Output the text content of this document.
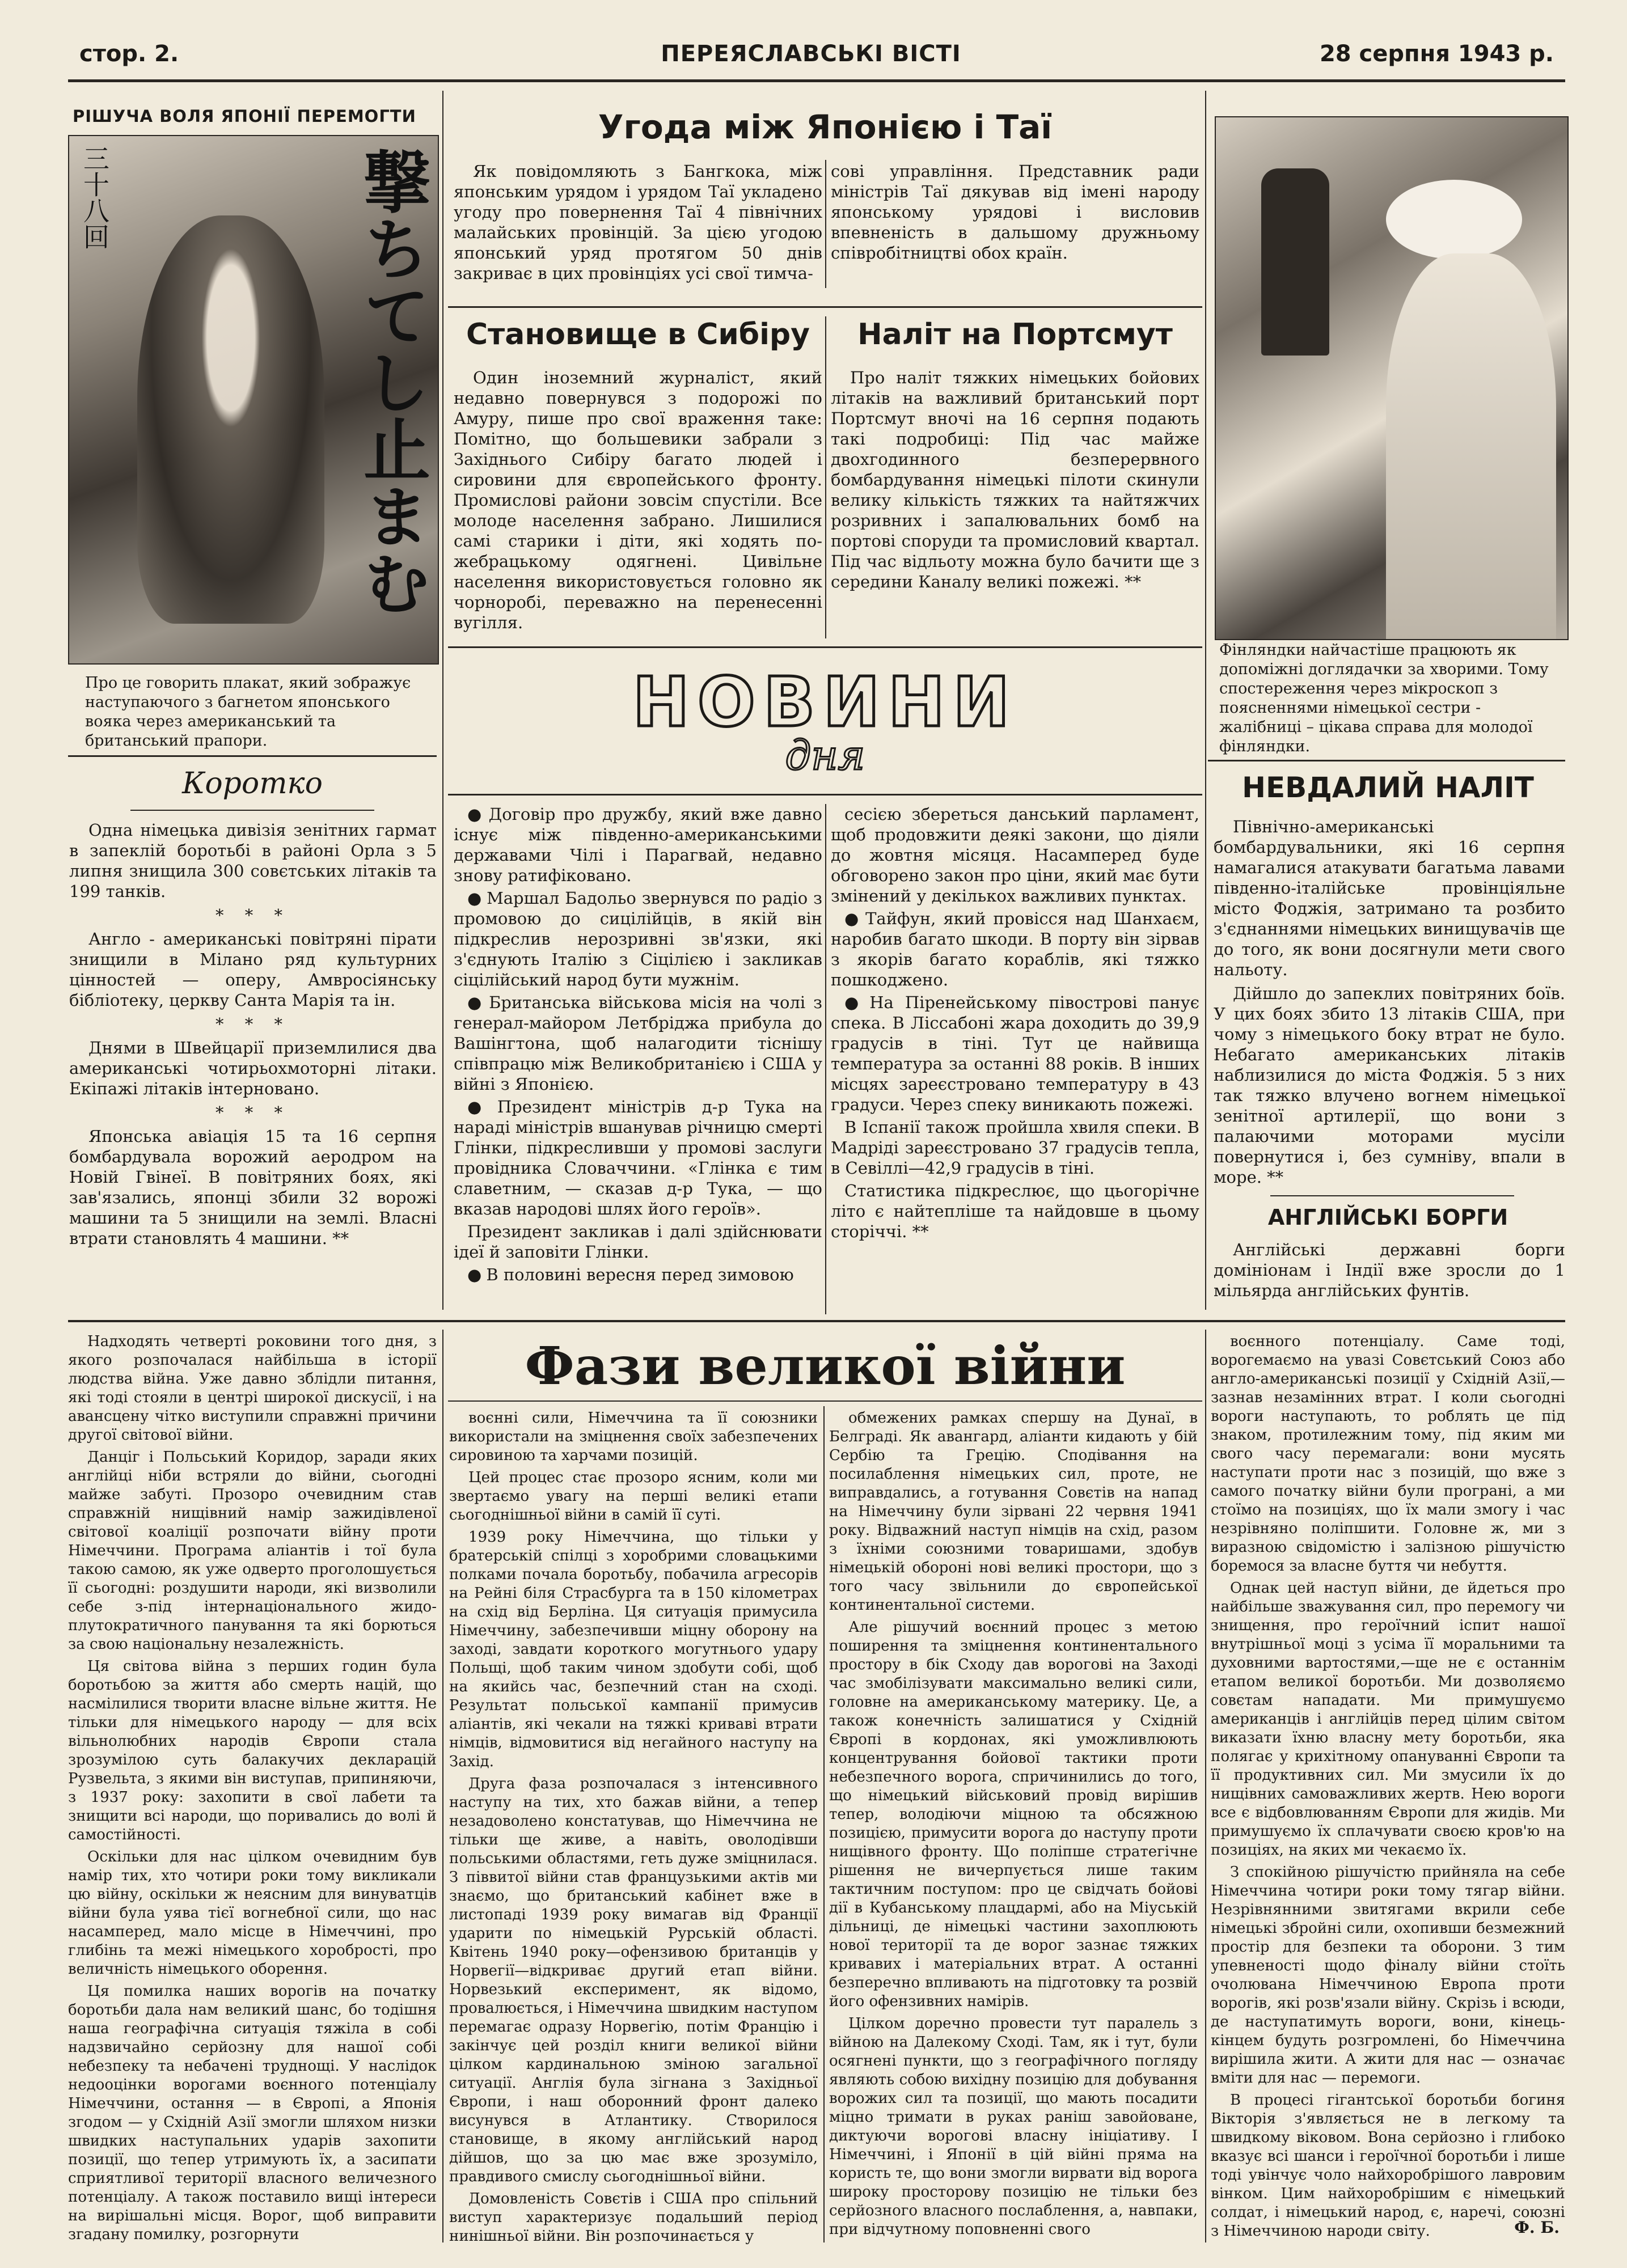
стор. 2.	ПЕРЕЯСЛАВСЬКІ ВІСТІ	28 серпня 1943 р.
РІШУЧА ВОЛЯ ЯПОНІЇ ПЕРЕМОГТИ
撃ちてし止まむ
三十八回
Про це говорить плакат, який зображує наступаючого з багнетом японського вояка через американський та британський прапори.
Угода між Японією і Таї
Як повідомляють з Бангкока, між японським урядом і урядом Таї укладено угоду про повернення Таї 4 північних малайських провінцій. За цією угодою японський уряд протягом 50 днів закриває в цих провінціях усі свої тимча-
сові управління. Представник ради міністрів Таї дякував від імені народу японському урядові і висловив впевненість в дальшому дружньому співробітництві обох країн.
Становище в Сибіру
Один іноземний журналіст, який недавно повернувся з подорожі по Амуру, пише про свої враження таке: Помітно, що большевики забрали з Західнього Сибіру багато людей і сировини для європейського фронту. Промислові райони зовсім спустіли. Все молоде населення забрано. Лишилися самі старики і діти, які ходять по-жебрацькому одягнені. Цивільне населення використовується головно як чорноробі, переважно на перенесенні вугілля.
Наліт на Портсмут
Про наліт тяжких німецьких бойових літаків на важливий британський порт Портсмут вночі на 16 серпня подають такі подробиці: Під час майже двохгодинного безперервного бомбардування німецькі пілоти скинули велику кількість тяжких та найтяжчих розривних і запалювальних бомб на портові споруди та промисловий квартал. Під час відльоту можна було бачити ще з середини Каналу великі пожежі. **
НОВИНИ
дня
Фінляндки найчастіше працюють як допоміжні доглядачки за хворими. Тому спостереження через мікроскоп з поясненнями німецької сестри - жалібниці – цікава справа для молодої фінляндки.
Коротко

Одна німецька дивізія зенітних гармат в запеклій боротьбі в районі Орла з 5 липня знищила 300 совєтських літаків та 199 танків.

* * *

Англо - американські повітряні пірати знищили в Мілано ряд культурних цінностей — оперу, Амвросіянську бібліотеку, церкву Санта Марія та ін.

* * *

Днями в Швейцарії приземлилися два американські чотирьохмоторні літаки. Екіпажі літаків інтерновано.

* * *

Японська авіація 15 та 16 серпня бомбардувала ворожий аеродром на Новій Гвінеї. В повітряних боях, які зав'язались, японці збили 32 ворожі машини та 5 знищили на землі. Власні втрати становлять 4 машини. **

● Договір про дружбу, який вже давно існує між південно-американськими державами Чілі і Парагвай, недавно знову ратифіковано.
● Маршал Бадольо звернувся по радіо з промовою до сицілійців, в якій він підкреслив нерозривні зв'язки, які з'єднують Італію з Сіцілією і закликав сіцілійський народ бути мужнім.
● Британська військова місія на чолі з генерал-майором Летбріджа прибула до Вашінгтона, щоб налагодити тіснішу співпрацю між Великобританією і США у війні з Японією.
● Президент міністрів д-р Тука на нараді міністрів вшанував річницю смерті Глінки, підкресливши у промові заслуги провідника Словаччини. «Глінка є тим славетним, — сказав д-р Тука, — що вказав народові шлях його героїв».
Президент закликав і далі здійснювати ідеї й заповіти Глінки.
● В половині вересня перед зимовою
сесією збереться данський парламент, щоб продовжити деякі закони, що діяли до жовтня місяця. Насамперед буде обговорено закон про ціни, який має бути змінений у декількох важливих пунктах.
● Тайфун, який провісся над Шанхаєм, наробив багато шкоди. В порту він зірвав з якорів багато кораблів, які тяжко пошкоджено.
● На Піренейському півострові панує спека. В Ліссабоні жара доходить до 39,9 градусів в тіні. Тут це найвища температура за останні 88 років. В інших місцях зареєстровано температуру в 43 градуси. Через спеку виникають пожежі.
В Іспанії також пройшла хвиля спеки. В Мадріді зареєстровано 37 градусів тепла, в Севіллі—42,9 градусів в тіні.
Статистика підкреслює, що цьогорічне літо є найтепліше та найдовше в цьому сторіччі. **
НЕВДАЛИЙ НАЛІТ

Північно-американські бомбардувальники, які 16 серпня намагалися атакувати багатьма лавами південно-італійське провінціяльне місто Фоджія, затримано та розбито з'єднаннями німецьких винищувачів ще до того, як вони досягнули мети свого нальоту.

Дійшло до запеклих повітряних боїв. У цих боях збито 13 літаків США, при чому з німецького боку втрат не було. Небагато американських літаків наблизилися до міста Фоджія. 5 з них так тяжко влучено вогнем німецької зенітної артилерії, що вони з палаючими моторами мусіли повернутися і, без сумніву, впали в море. **

АНГЛІЙСЬКІ БОРГИ
Англійські державні борги домініонам і Індії вже зросли до 1 мільярда англійських фунтів.
Фази великої війни

Надходять четверті роковини того дня, з якого розпочалася найбільша в історії людства війна. Уже давно зблідли питання, які тоді стояли в центрі широкої дискусії, і на авансцену чітко виступили справжні причини другої світової війни.

Данціг і Польський Коридор, заради яких англійці ніби встряли до війни, сьогодні майже забуті. Прозоро очевидним став справжній нищівний намір зажидівленої світової коаліції розпочати війну проти Німеччини. Програма аліантів і тої була такою самою, як уже одверто проголошується її сьогодні: роздушити народи, які визволили себе з-під інтернаціонального жидо-плутократичного панування та які борються за свою національну незалежність.

Ця світова війна з перших годин була боротьбою за життя або смерть націй, що насмілилися творити власне вільне життя. Не тільки для німецького народу — для всіх вільнолюбних народів Європи стала зрозумілою суть балакучих декларацій Рузвельта, з якими він виступав, припиняючи, з 1937 року: захопити в свої лабети та знищити всі народи, що поривались до волі й самостійності.

Оскільки для нас цілком очевидним був намір тих, хто чотири роки тому викликали цю війну, оскільки ж неясним для винуватців війни була уява тієї вогнебної сили, що нас насамперед, мало місце в Німеччині, про глибінь та межі німецького хоробрості, про величність німецького оборення.

Ця помилка наших ворогів на початку боротьби дала нам великий шанс, бо тодішня наша географічна ситуація тяжіла в собі надзвичайно серйозну для нашої собі небезпеку та небачені труднощі. У наслідок недооцінки ворогами воєнного потенціалу Німеччини, остання — в Європі, а Японія згодом — у Східній Азії змогли шляхом низки швидких наступальних ударів захопити позиції, що тепер утримують їх, а засипати сприятливої території власного величезного потенціалу. А також поставило вищі інтереси на вирішальні місця. Ворог, щоб виправити згадану помилку, розгорнути

воєнні сили, Німеччина та її союзники використали на зміцнення своїх забезпечених сировиною та харчами позицій.

Цей процес стає прозоро ясним, коли ми звертаємо увагу на перші великі етапи сьогоднішньої війни в самій її суті.

1939 року Німеччина, що тільки у братерській спілці з хоробрими словацькими полками почала боротьбу, побачила агресорів на Рейні біля Страсбурга та в 150 кілометрах на схід від Берліна. Ця ситуація примусила Німеччину, забезпечивши міцну оборону на заході, завдати короткого могутнього удару Польщі, щоб таким чином здобути собі, щоб на якийсь час, безпечний стан на сході. Результат польської кампанії примусив аліантів, які чекали на тяжкі криваві втрати німців, відмовитися від негайного наступу на Захід.

Друга фаза розпочалася з інтенсивного наступу на тих, хто бажав війни, а тепер незадоволено констатував, що Німеччина не тільки ще живе, а навіть, оволодівши польськими областями, геть дуже зміцнилася. З піввитої війни став французькими актів ми знаємо, що британський кабінет вже в листопаді 1939 року вимагав від Франції ударити по німецькій Рурській області. Квітень 1940 року—офензивою британців у Норвегії—відкриває другий етап війни. Норвезький експеримент, як відомо, провалюється, і Німеччина швидким наступом перемагає одразу Норвегію, потім Францію і закінчує цей розділ книги великої війни цілком кардинальною зміною загальної ситуації. Англія була зігнана з Західньої Європи, і наш оборонний фронт далеко висунувся в Атлантику. Створилося становище, в якому англійський народ дійшов, що за цю має вже зрозуміло, правдивого смислу сьогоднішньої війни.

Домовленість Совєтів і США про спільний виступ характеризує подальший період нинішньої війни. Він розпочинається у

обмежених рамках спершу на Дунаї, в Белграді. Як авангард, аліанти кидають у бій Сербію та Грецію. Сподівання на посилаблення німецьких сил, проте, не виправдались, а готування Совєтів на напад на Німеччину були зірвані 22 червня 1941 року. Відважний наступ німців на схід, разом з їхніми союзними товаришами, здобув німецькій обороні нові великі простори, що з того часу звільнили до європейської континентальної системи.

Але рішучий воєнний процес з метою поширення та зміцнення континентального простору в бік Сходу дав ворогові на Заході час змобілізувати максимально великі сили, головне на американському материку. Це, а також конечність залишатися у Східній Європі в кордонах, які уможливлюють концентрування бойової тактики проти небезпечного ворога, спричинились до того, що німецький військовий провід вирішив тепер, володіючи міцною та обсяжною позицією, примусити ворога до наступу проти нищівного фронту. Що поліпше стратегічне рішення не вичерпується лише таким тактичним поступом: про це свідчать бойові дії в Кубанському плацдармі, або на Міуській дільниці, де німецькі частини захоплюють нової території та де ворог зазнає тяжких кривавих і матеріальних втрат. А останні безперечно впливають на підготовку та розвій його офензивних намірів.

Цілком доречно провести тут паралель з війною на Далекому Сході. Там, як і тут, були осягнені пункти, що з географічного погляду являють собою вихідну позицію для добування ворожих сил та позиції, що мають посадити міцно тримати в руках раніш завойоване, диктуючи ворогові власну ініціативу. І Німеччині, і Японії в цій війні пряма на користь те, що вони змогли вирвати від ворога широку просторову позицію не тільки без серйозного власного послаблення, а, навпаки, при відчутному поповненні свого

воєнного потенціалу. Саме тоді, ворогемаємо на увазі Совєтський Союз або англо-американські позиції у Східній Азії,—зазнав незамінних втрат. І коли сьогодні вороги наступають, то роблять це під знаком, протилежним тому, під яким ми свого часу перемагали: вони мусять наступати проти нас з позицій, що вже з самого початку війни були програні, а ми стоїмо на позиціях, що їх мали змогу і час незрівняно поліпшити. Головне ж, ми з виразною свідомістю і залізною рішучістю боремося за власне буття чи небуття.

Однак цей наступ війни, де йдеться про найбільше зважування сил, про перемогу чи знищення, про героїчний іспит нашої внутрішньої моці з усіма її моральними та духовними вартостями,—ще не є останнім етапом великої боротьби. Ми дозволяємо совєтам нападати. Ми примушуємо американців і англійців перед цілим світом виказати їхню власну мету боротьби, яка полягає у крихітному опануванні Європи та її продуктивних сил. Ми змусили їх до нищівних самоважливих жертв. Нею вороги все є відбовлюванням Європи для жидів. Ми примушуємо їх сплачувати своєю кров'ю на позиціях, на яких ми чекаємо їх.

З спокійною рішучістю прийняла на себе Німеччина чотири роки тому тягар війни. Незрівнянними звитягами вкрили себе німецькі збройні сили, охопивши безмежний простір для безпеки та оборони. З тим упевненості щодо фіналу війни стоїть очолювана Німеччиною Европа проти ворогів, які розв'язали війну. Скрізь і всюди, де наступатимуть вороги, вони, кінець-кінцем будуть розгромлені, бо Німеччина вирішила жити. А жити для нас — означає вміти для нас — перемоги.

В процесі гігантської боротьби богиня Вікторія з'являється не в легкому та швидкому віковом. Вона серйозно і глибоко вказує всі шанси і героїчної боротьби і лише тоді увінчує чоло найхоробрішого лавровим вінком. Цим найхоробрішим є німецький солдат, і німецький народ, є, наречі, союзні з Німеччиною народи світу.	Ф. Б.
